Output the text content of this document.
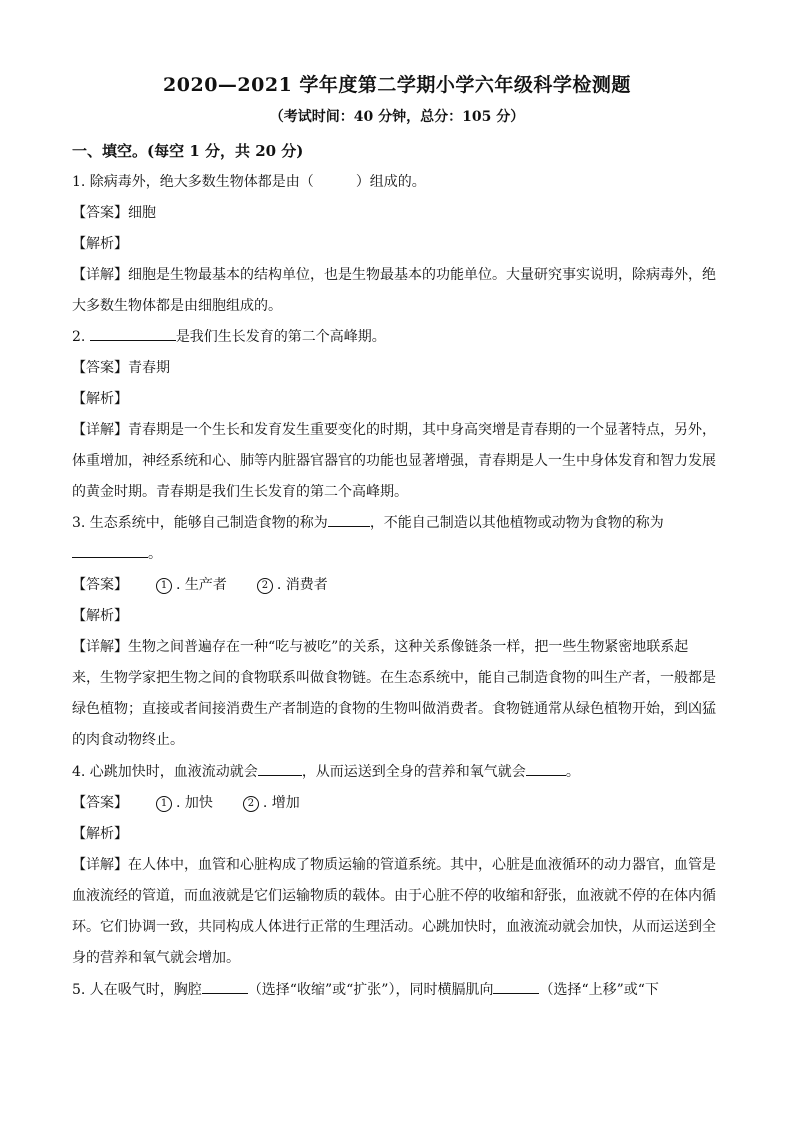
2020—2021 学年度第二学期小学六年级科学检测题
（考试时间：40 分钟，总分：105 分）
一、填空。(每空 1 分，共 20 分)
1. 除病毒外，绝大多数生物体都是由（	）组成的。
【答案】细胞
【解析】
【详解】细胞是生物最基本的结构单位，也是生物最基本的功能单位。大量研究事实说明，除病毒外，绝
大多数生物体都是由细胞组成的。
2.	是我们生长发育的第二个高峰期。
【答案】青春期
【解析】
【详解】青春期是一个生长和发育发生重要变化的时期，其中身高突增是青春期的一个显著特点，另外，
体重增加，神经系统和心、肺等内脏器官器官的功能也显著增强，青春期是人一生中身体发育和智力发展
的黄金时期。青春期是我们生长发育的第二个高峰期。
3. 生态系统中，能够自己制造食物的称为	，不能自己制造以其他植物或动物为食物的称为
。
【答案】	1 . 生产者	2 . 消费者
【解析】
【详解】生物之间普遍存在一种“吃与被吃”的关系，这种关系像链条一样，把一些生物紧密地联系起
来，生物学家把生物之间的食物联系叫做食物链。在生态系统中，能自己制造食物的叫生产者，一般都是
绿色植物；直接或者间接消费生产者制造的食物的生物叫做消费者。食物链通常从绿色植物开始，到凶猛
的肉食动物终止。
4. 心跳加快时，血液流动就会	，从而运送到全身的营养和氧气就会	。
【答案】	1 . 加快	2 . 增加
【解析】
【详解】在人体中，血管和心脏构成了物质运输的管道系统。其中，心脏是血液循环的动力器官，血管是
血液流经的管道，而血液就是它们运输物质的载体。由于心脏不停的收缩和舒张，血液就不停的在体内循
环。它们协调一致，共同构成人体进行正常的生理活动。心跳加快时，血液流动就会加快，从而运送到全
身的营养和氧气就会增加。
5. 人在吸气时，胸腔	（选择“收缩”或“扩张”），同时横膈肌向	（选择“上移”或“下
